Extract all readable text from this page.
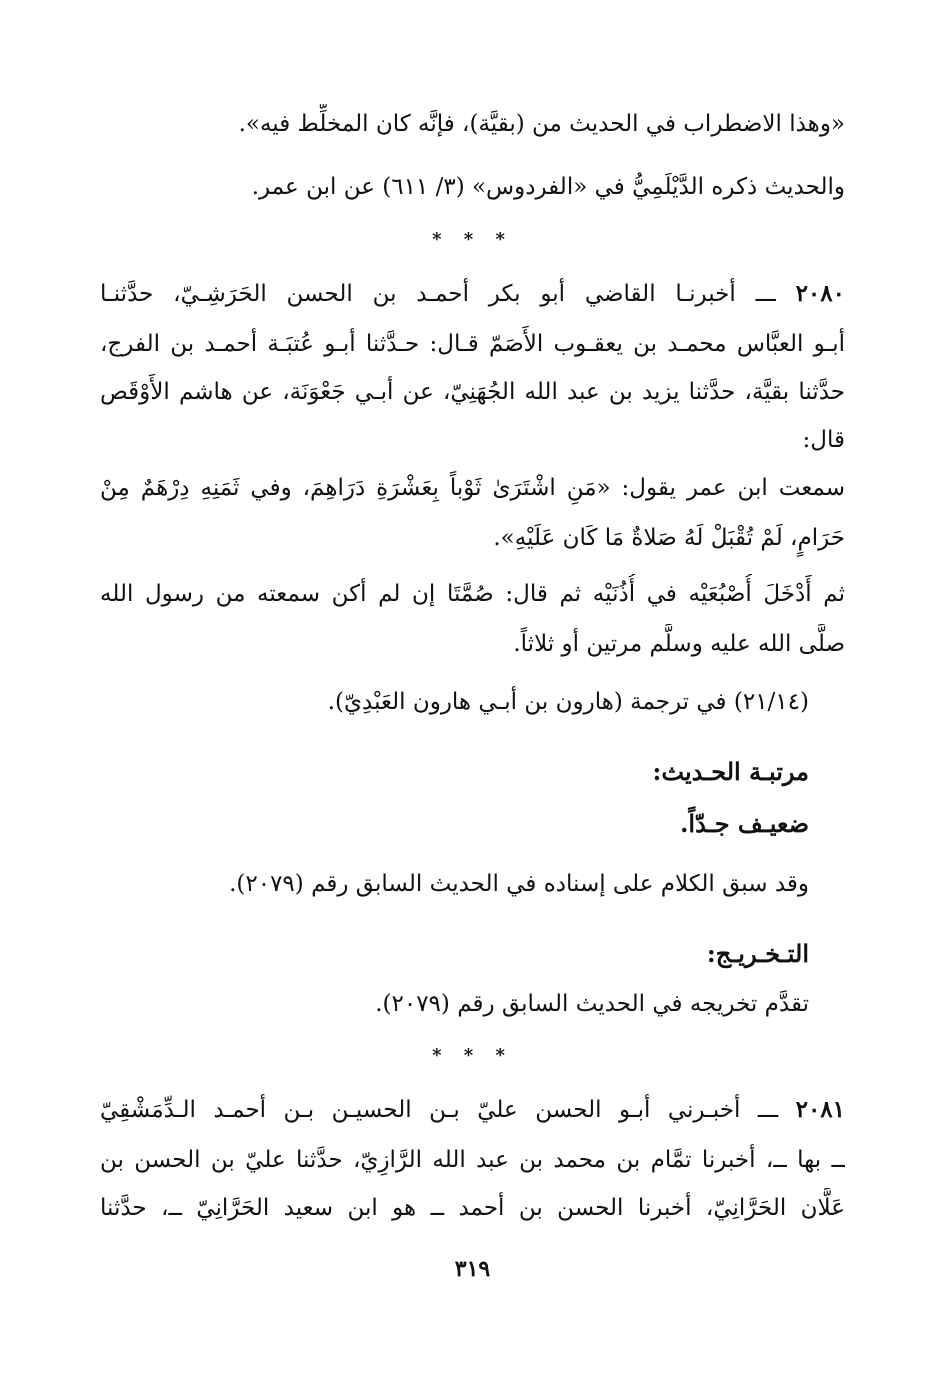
«وهذا الاضطراب في الحديث من (بقيَّة)، فإنَّه كان المخلِّط فيه».
والحديث ذكره الدَّيْلَمِيُّ في «الفردوس» (٣/ ٦١١) عن ابن عمر.
* * *
٢٠٨٠ ـــ أخبرنـا القاضي أبو بكر أحمـد بن الحسن الحَرَشِـيّ، حدَّثنـا
أبـو العبَّاس محمـد بن يعقـوب الأَصَمّ قـال: حـدَّثنا أبـو عُتبَـة أحمـد بن الفرج،
حدَّثنا بقيَّة، حدَّثنا يزيد بن عبد الله الجُهَنِيّ، عن أبـي جَعْوَنَة، عن هاشم الأَوْقَص
قال:
سمعت ابن عمر يقول: «مَنِ اشْتَرَىٰ ثَوْباً بِعَشْرَةِ دَرَاهِمَ، وفي ثَمَنِهِ دِرْهَمٌ مِنْ
حَرَامٍ، لَمْ تُقْبَلْ لَهُ صَلاةٌ مَا كَان عَلَيْهِ».
ثم أَدْخَلَ أُصْبُعَيْه في أُذُنَيْه ثم قال: صُمَّتَا إن لم أكن سمعته من رسول الله
صلَّى الله عليه وسلَّم مرتين أو ثلاثاً.
(٢١/١٤) في ترجمة (هارون بن أبـي هارون العَبْدِيّ).
مرتبـة الحـديث:
ضعيـف جـدّاً.
وقد سبق الكلام على إسناده في الحديث السابق رقم (٢٠٧٩).
التـخـريـج:
تقدَّم تخريجه في الحديث السابق رقم (٢٠٧٩).
* * *
٢٠٨١ ـــ أخبـرني أبـو الحسن عليّ بـن الحسيـن بـن أحمـد الـدِّمَشْقِيّ
ــ بها ــ، أخبرنا تمَّام بن محمد بن عبد الله الرَّازِيّ، حدَّثنا عليّ بن الحسن بن
عَلَّان الحَرَّانِيّ، أخبرنا الحسن بن أحمد ــ هو ابن سعيد الحَرَّانِيّ ــ، حدَّثنا
٣١٩
